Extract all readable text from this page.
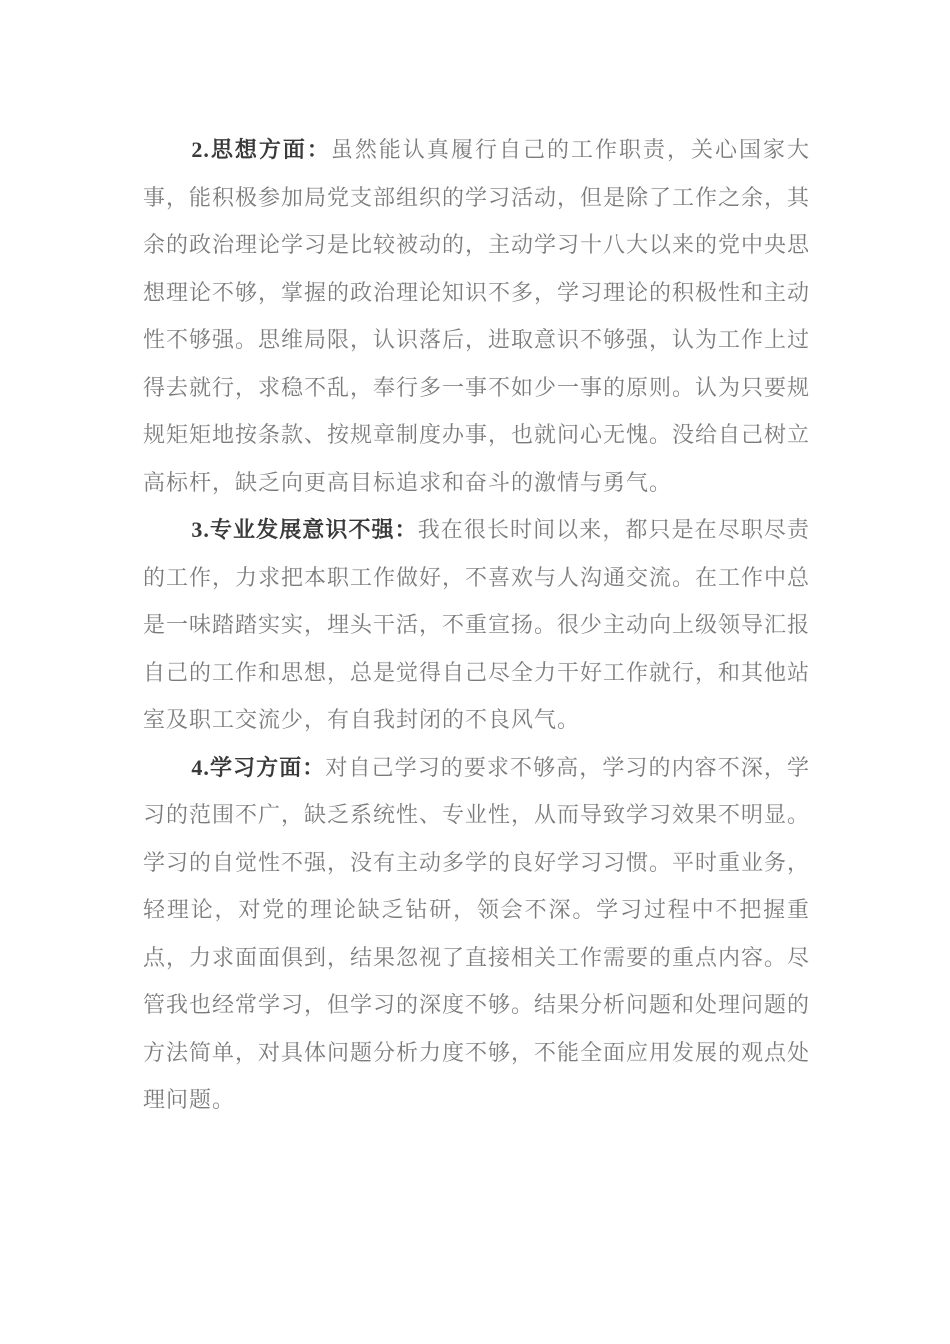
2.思想方面：虽然能认真履行自己的工作职责，关心国家大事，能积极参加局党支部组织的学习活动，但是除了工作之余，其余的政治理论学习是比较被动的，主动学习十八大以来的党中央思想理论不够，掌握的政治理论知识不多，学习理论的积极性和主动性不够强。思维局限，认识落后，进取意识不够强，认为工作上过得去就行，求稳不乱，奉行多一事不如少一事的原则。认为只要规规矩矩地按条款、按规章制度办事，也就问心无愧。没给自己树立高标杆，缺乏向更高目标追求和奋斗的激情与勇气。

3.专业发展意识不强：我在很长时间以来，都只是在尽职尽责的工作，力求把本职工作做好，不喜欢与人沟通交流。在工作中总是一味踏踏实实，埋头干活，不重宣扬。很少主动向上级领导汇报自己的工作和思想，总是觉得自己尽全力干好工作就行，和其他站室及职工交流少，有自我封闭的不良风气。

4.学习方面：对自己学习的要求不够高，学习的内容不深，学习的范围不广，缺乏系统性、专业性，从而导致学习效果不明显。学习的自觉性不强，没有主动多学的良好学习习惯。平时重业务，轻理论，对党的理论缺乏钻研，领会不深。学习过程中不把握重点，力求面面俱到，结果忽视了直接相关工作需要的重点内容。尽管我也经常学习，但学习的深度不够。结果分析问题和处理问题的方法简单，对具体问题分析力度不够，不能全面应用发展的观点处理问题。
